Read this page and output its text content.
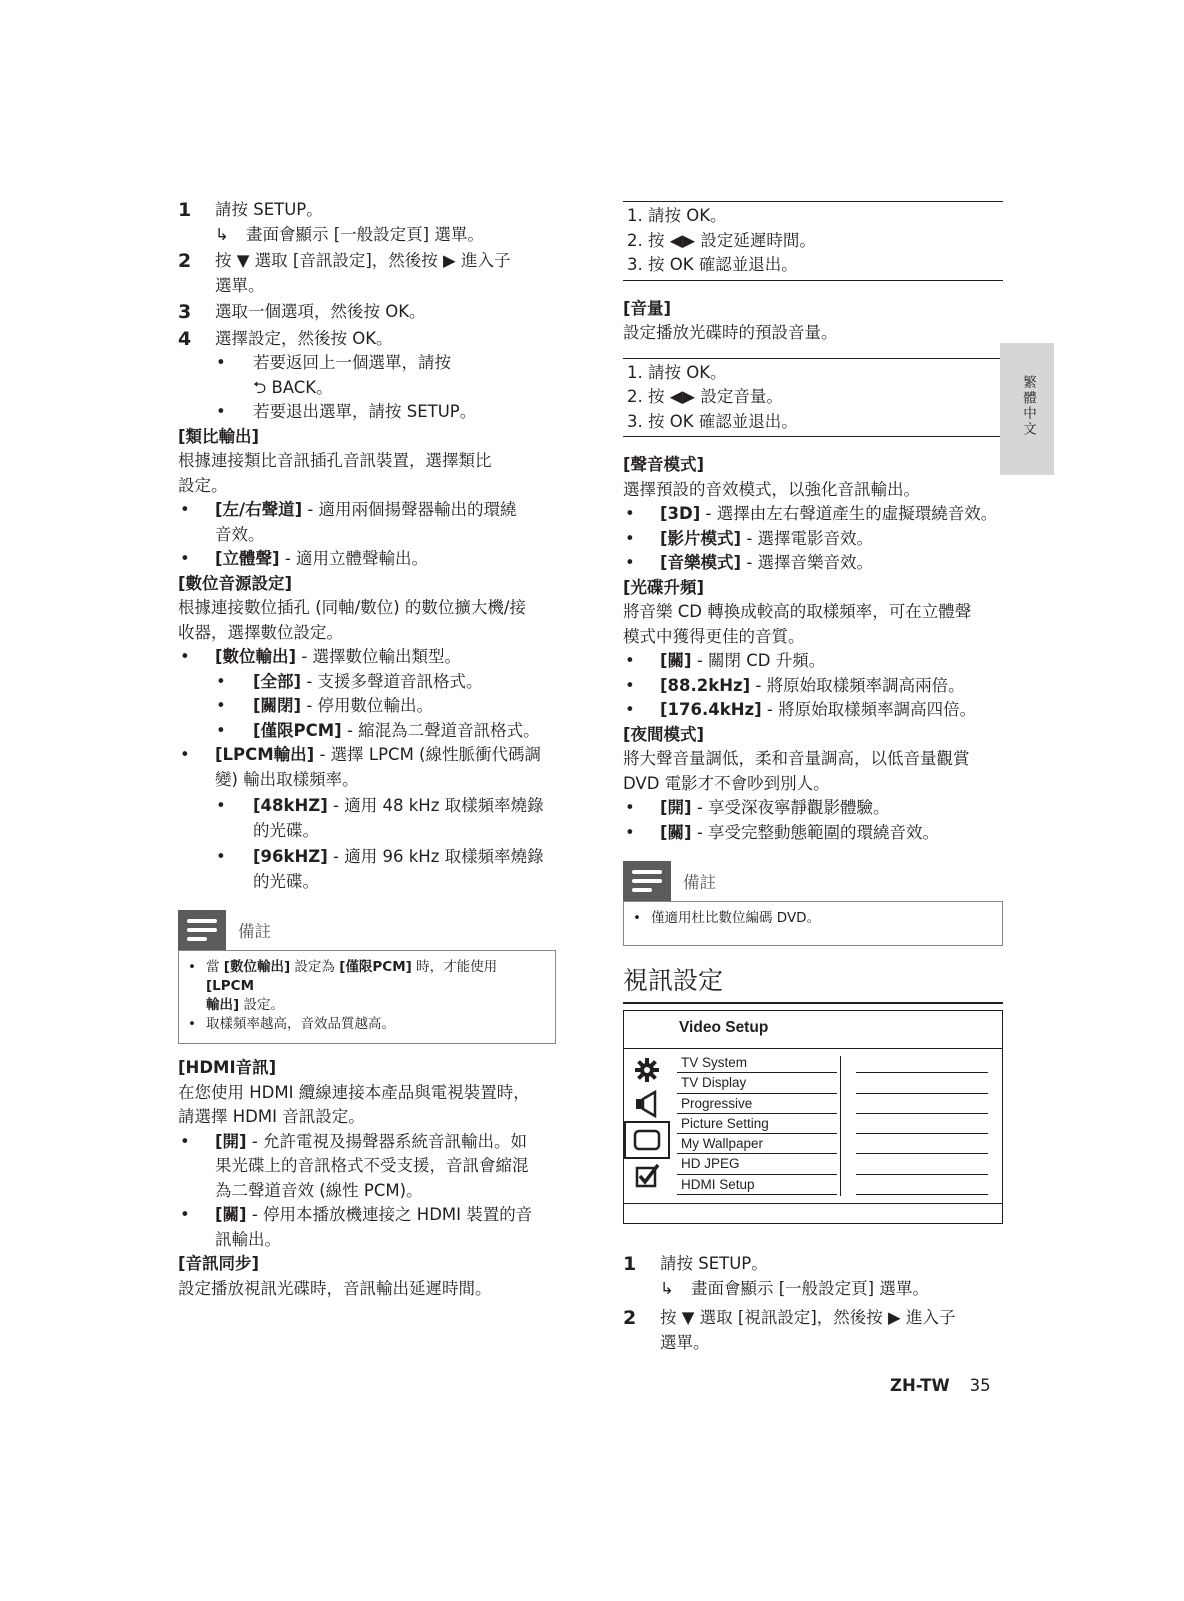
1 請按 SETUP。
↳ 畫面會顯示 [一般設定頁] 選單。
2 按 ▼ 選取 [音訊設定]，然後按 ▶ 進入子
選單。
3 選取一個選項，然後按 OK。
4 選擇設定，然後按 OK。
• 若要返回上一個選單，請按
⮌ BACK。
• 若要退出選單，請按 SETUP。
[類比輸出]
根據連接類比音訊插孔音訊裝置，選擇類比
設定。
• [左/右聲道] - 適用兩個揚聲器輸出的環繞
音效。
• [立體聲] - 適用立體聲輸出。
[數位音源設定]
根據連接數位插孔 (同軸/數位) 的數位擴大機/接
收器，選擇數位設定。
• [數位輸出] - 選擇數位輸出類型。
• [全部] - 支援多聲道音訊格式。
• [關閉] - 停用數位輸出。
• [僅限PCM] - 縮混為二聲道音訊格式。
• [LPCM輸出] - 選擇 LPCM (線性脈衝代碼調
變) 輸出取樣頻率。
• [48kHZ] - 適用 48 kHz 取樣頻率燒錄
的光碟。
• [96kHZ] - 適用 96 kHz 取樣頻率燒錄
的光碟。
備註
• 當 [數位輸出] 設定為 [僅限PCM] 時，才能使用 [LPCM
輸出] 設定。
• 取樣頻率越高，音效品質越高。
[HDMI音訊]
在您使用 HDMI 纜線連接本產品與電視裝置時，
請選擇 HDMI 音訊設定。
• [開] - 允許電視及揚聲器系統音訊輸出。如
果光碟上的音訊格式不受支援，音訊會縮混
為二聲道音效 (線性 PCM)。
• [關] - 停用本播放機連接之 HDMI 裝置的音
訊輸出。
[音訊同步]
設定播放視訊光碟時，音訊輸出延遲時間。
1. 請按 OK。
2. 按 ◀▶ 設定延遲時間。
3. 按 OK 確認並退出。
[音量]
設定播放光碟時的預設音量。
1. 請按 OK。
2. 按 ◀▶ 設定音量。
3. 按 OK 確認並退出。
[聲音模式]
選擇預設的音效模式，以強化音訊輸出。
• [3D] - 選擇由左右聲道產生的虛擬環繞音效。
• [影片模式] - 選擇電影音效。
• [音樂模式] - 選擇音樂音效。
[光碟升頻]
將音樂 CD 轉換成較高的取樣頻率，可在立體聲
模式中獲得更佳的音質。
• [關] - 關閉 CD 升頻。
• [88.2kHz] - 將原始取樣頻率調高兩倍。
• [176.4kHz] - 將原始取樣頻率調高四倍。
[夜間模式]
將大聲音量調低，柔和音量調高，以低音量觀賞
DVD 電影才不會吵到別人。
• [開] - 享受深夜寧靜觀影體驗。
• [關] - 享受完整動態範圍的環繞音效。
備註
• 僅適用杜比數位編碼 DVD。
視訊設定
Video Setup
TV System
TV Display
Progressive
Picture Setting
My Wallpaper
HD JPEG
HDMI Setup
1 請按 SETUP。
↳ 畫面會顯示 [一般設定頁] 選單。
2 按 ▼ 選取 [視訊設定]，然後按 ▶ 進入子
選單。
繁體中文
ZH-TW 35
